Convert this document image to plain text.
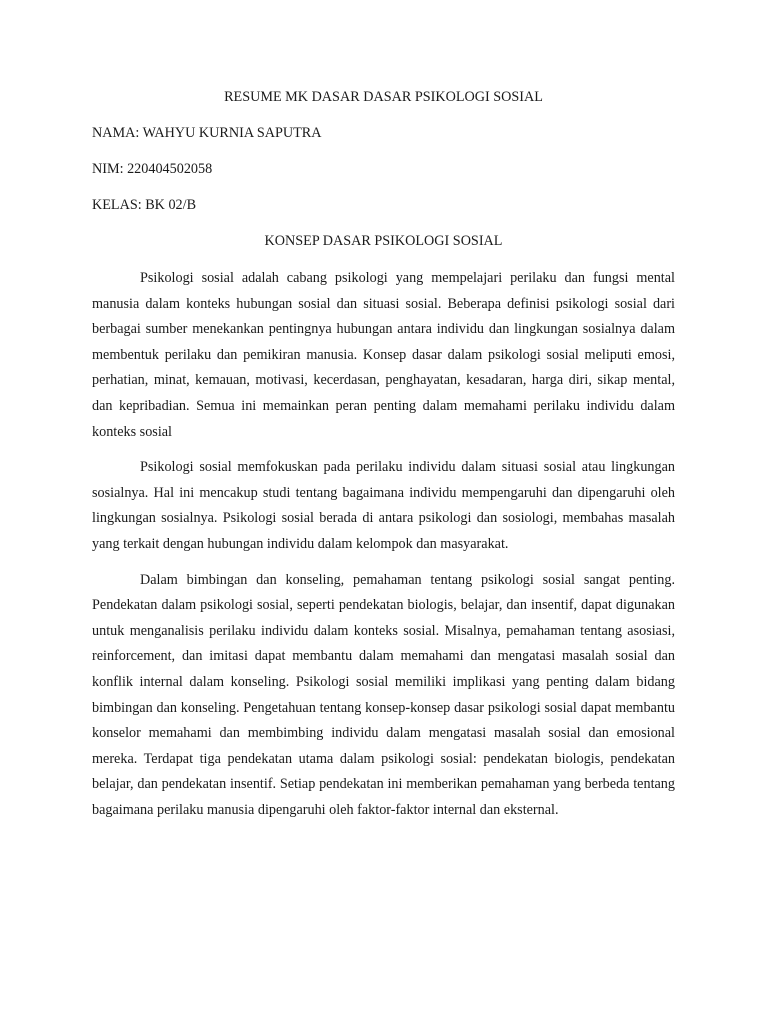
RESUME MK DASAR DASAR PSIKOLOGI SOSIAL
NAMA: WAHYU KURNIA SAPUTRA
NIM: 220404502058
KELAS: BK 02/B
KONSEP DASAR PSIKOLOGI SOSIAL

Psikologi sosial adalah cabang psikologi yang mempelajari perilaku dan fungsi mental manusia dalam konteks hubungan sosial dan situasi sosial. Beberapa definisi psikologi sosial dari berbagai sumber menekankan pentingnya hubungan antara individu dan lingkungan sosialnya dalam membentuk perilaku dan pemikiran manusia. Konsep dasar dalam psikologi sosial meliputi emosi, perhatian, minat, kemauan, motivasi, kecerdasan, penghayatan, kesadaran, harga diri, sikap mental, dan kepribadian. Semua ini memainkan peran penting dalam memahami perilaku individu dalam konteks sosial

Psikologi sosial memfokuskan pada perilaku individu dalam situasi sosial atau lingkungan sosialnya. Hal ini mencakup studi tentang bagaimana individu mempengaruhi dan dipengaruhi oleh lingkungan sosialnya. Psikologi sosial berada di antara psikologi dan sosiologi, membahas masalah yang terkait dengan hubungan individu dalam kelompok dan masyarakat.

Dalam bimbingan dan konseling, pemahaman tentang psikologi sosial sangat penting. Pendekatan dalam psikologi sosial, seperti pendekatan biologis, belajar, dan insentif, dapat digunakan untuk menganalisis perilaku individu dalam konteks sosial. Misalnya, pemahaman tentang asosiasi, reinforcement, dan imitasi dapat membantu dalam memahami dan mengatasi masalah sosial dan konflik internal dalam konseling. Psikologi sosial memiliki implikasi yang penting dalam bidang bimbingan dan konseling. Pengetahuan tentang konsep-konsep dasar psikologi sosial dapat membantu konselor memahami dan membimbing individu dalam mengatasi masalah sosial dan emosional mereka. Terdapat tiga pendekatan utama dalam psikologi sosial: pendekatan biologis, pendekatan belajar, dan pendekatan insentif. Setiap pendekatan ini memberikan pemahaman yang berbeda tentang bagaimana perilaku manusia dipengaruhi oleh faktor-faktor internal dan eksternal.
